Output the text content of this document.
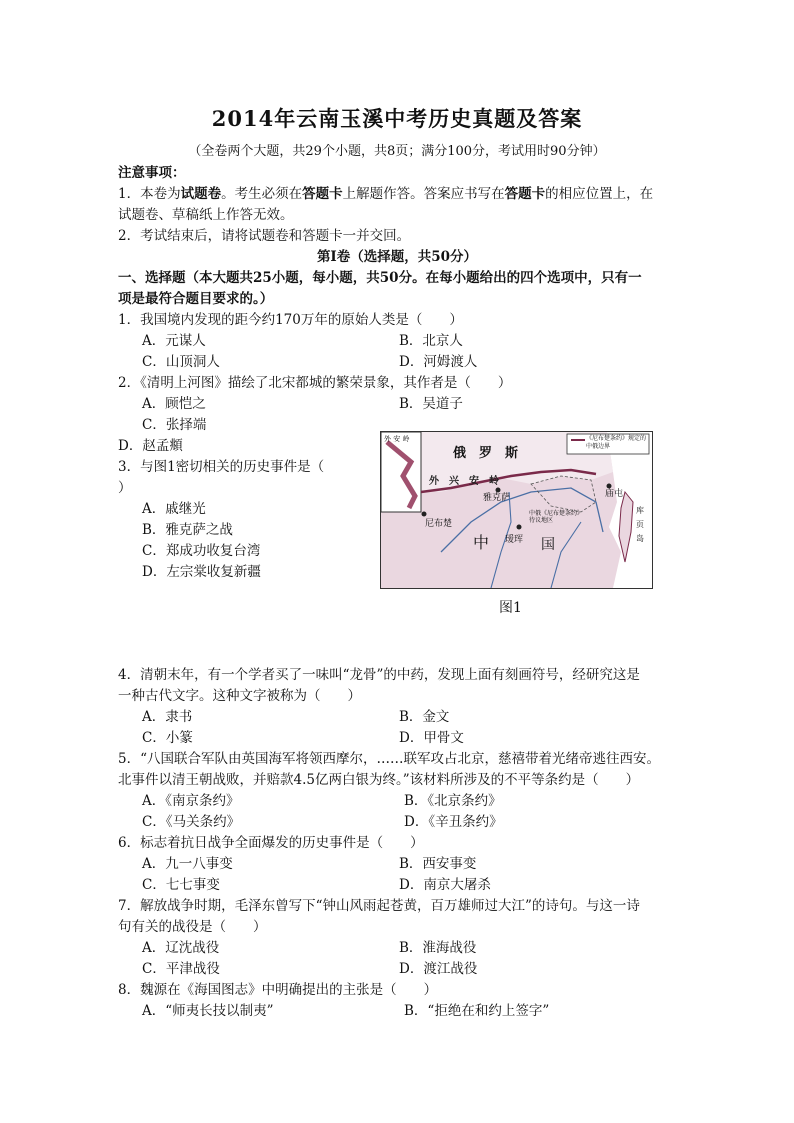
2014年云南玉溪中考历史真题及答案
（全卷两个大题，共29个小题，共8页；满分100分，考试用时90分钟）
注意事项：
1．本卷为试题卷。考生必须在答题卡上解题作答。答案应书写在答题卡的相应位置上，在
试题卷、草稿纸上作答无效。
2．考试结束后，请将试题卷和答题卡一并交回。
第Ⅰ卷（选择题，共50分）
一、选择题（本大题共25小题，每小题，共50分。在每小题给出的四个选项中，只有一
项是最符合题目要求的。）
1．我国境内发现的距今约170万年的原始人类是（　　）
A．元谋人	B．北京人
C．山顶洞人	D．河姆渡人
2．《清明上河图》描绘了北宋都城的繁荣景象，其作者是（　　）
A．顾恺之	B．吴道子
C．张择端
D．赵孟頫
3．与图1密切相关的历史事件是（
）
A．戚继光
B．雅克萨之战
C．郑成功收复台湾
D．左宗棠收复新疆
外 安 岭
俄　罗　斯
《尼布楚条约》规定的中俄边界
外　兴　安　岭
雅克萨
尼布楚
中	国
瑷珲
庙屯
中俄《尼布楚条约》待议地区
库页岛
图1
4．清朝末年，有一个学者买了一味叫“龙骨”的中药，发现上面有刻画符号，经研究这是
一种古代文字。这种文字被称为（　　）
A．隶书	B．金文
C．小篆	D．甲骨文
5．“八国联合军队由英国海军将领西摩尔，……联军攻占北京，慈禧带着光绪帝逃往西安。
北事件以清王朝战败，并赔款4.5亿两白银为终。”该材料所涉及的不平等条约是（　　）
A．《南京条约》	B．《北京条约》
C．《马关条约》	D．《辛丑条约》
6．标志着抗日战争全面爆发的历史事件是（　　）
A．九一八事变	B．西安事变
C．七七事变	D．南京大屠杀
7．解放战争时期，毛泽东曾写下“钟山风雨起苍黄，百万雄师过大江”的诗句。与这一诗
句有关的战役是（　　）
A．辽沈战役	B．淮海战役
C．平津战役	D．渡江战役
8．魏源在《海国图志》中明确提出的主张是（　　）
A．“师夷长技以制夷”	B．“拒绝在和约上签字”
